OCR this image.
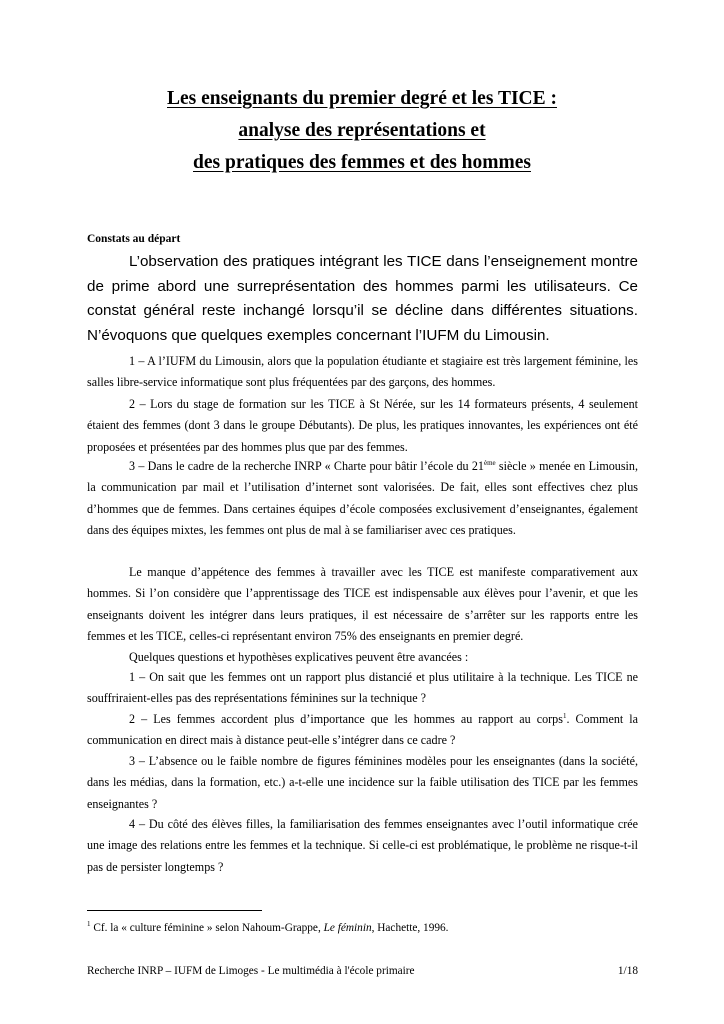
Les enseignants du premier degré et les TICE :
analyse des représentations et
des pratiques des femmes et des hommes
Constats au départ

L’observation des pratiques intégrant les TICE dans l’enseignement montre de prime abord une surreprésentation des hommes parmi les utilisateurs. Ce constat général reste inchangé lorsqu’il se décline dans différentes situations. N’évoquons que quelques exemples concernant l’IUFM du Limousin.

1 – A l’IUFM du Limousin, alors que la population étudiante et stagiaire est très largement féminine, les salles libre-service informatique sont plus fréquentées par des garçons, des hommes.

2 – Lors du stage de formation sur les TICE à St Nérée, sur les 14 formateurs présents, 4 seulement étaient des femmes (dont 3 dans le groupe Débutants). De plus, les pratiques innovantes, les expériences ont été proposées et présentées par des hommes plus que par des femmes.

3 – Dans le cadre de la recherche INRP « Charte pour bâtir l’école du 21ème siècle » menée en Limousin, la communication par mail et l’utilisation d’internet sont valorisées. De fait, elles sont effectives chez plus d’hommes que de femmes. Dans certaines équipes d’école composées exclusivement d’enseignantes, également dans des équipes mixtes, les femmes ont plus de mal à se familiariser avec ces pratiques.

Le manque d’appétence des femmes à travailler avec les TICE est manifeste comparativement aux hommes. Si l’on considère que l’apprentissage des TICE est indispensable aux élèves pour l’avenir, et que les enseignants doivent les intégrer dans leurs pratiques, il est nécessaire de s’arrêter sur les rapports entre les femmes et les TICE, celles-ci représentant environ 75% des enseignants en premier degré.

Quelques questions et hypothèses explicatives peuvent être avancées :

1 – On sait que les femmes ont un rapport plus distancié et plus utilitaire à la technique. Les TICE ne souffriraient-elles pas des représentations féminines sur la technique ?

2 – Les femmes accordent plus d’importance que les hommes au rapport au corps$^1$. Comment la communication en direct mais à distance peut-elle s’intégrer dans ce cadre ?

3 – L’absence ou le faible nombre de figures féminines modèles pour les enseignantes (dans la société, dans les médias, dans la formation, etc.) a-t-elle une incidence sur la faible utilisation des TICE par les femmes enseignantes ?

4 – Du côté des élèves filles, la familiarisation des femmes enseignantes avec l’outil informatique crée une image des relations entre les femmes et la technique. Si celle-ci est problématique, le problème ne risque-t-il pas de persister longtemps ?

$^1$ Cf. la « culture féminine » selon Nahoum-Grappe, Le féminin, Hachette, 1996.
Recherche INRP – IUFM de Limoges - Le multimédia à l'école primaire	1/18
